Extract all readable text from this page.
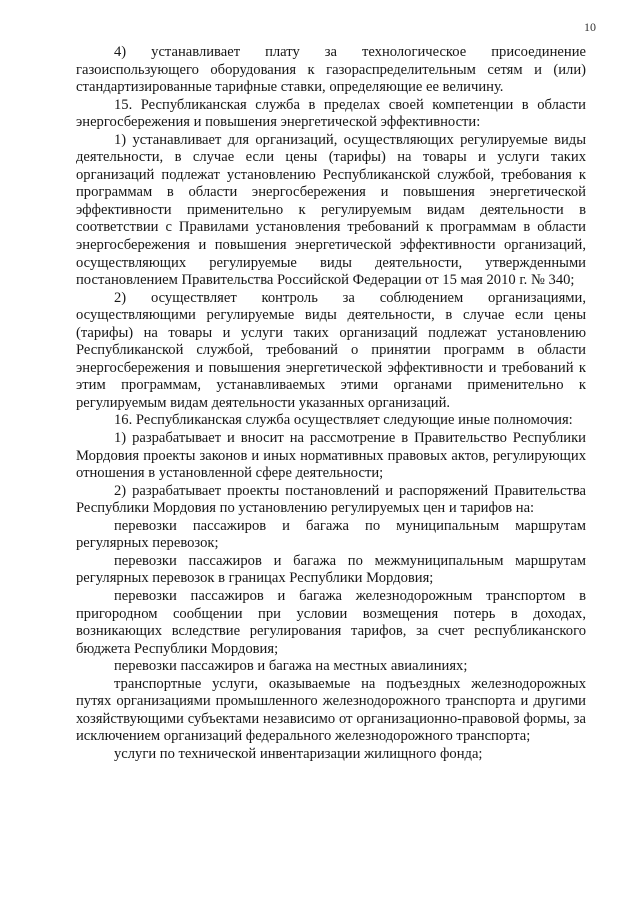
10

4) устанавливает плату за технологическое присоединение газоиспользующего оборудования к газораспределительным сетям и (или) стандартизированные тарифные ставки, определяющие ее величину.

15. Республиканская служба в пределах своей компетенции в области энергосбережения и повышения энергетической эффективности:

1) устанавливает для организаций, осуществляющих регулируемые виды деятельности, в случае если цены (тарифы) на товары и услуги таких организаций подлежат установлению Республиканской службой, требования к программам в области энергосбережения и повышения энергетической эффективности применительно к регулируемым видам деятельности в соответствии с Правилами установления требований к программам в области энергосбережения и повышения энергетической эффективности организаций, осуществляющих регулируемые виды деятельности, утвержденными постановлением Правительства Российской Федерации от 15 мая 2010 г. № 340;

2) осуществляет контроль за соблюдением организациями, осуществляющими регулируемые виды деятельности, в случае если цены (тарифы) на товары и услуги таких организаций подлежат установлению Республиканской службой, требований о принятии программ в области энергосбережения и повышения энергетической эффективности и требований к этим программам, устанавливаемых этими органами применительно к регулируемым видам деятельности указанных организаций.

16. Республиканская служба осуществляет следующие иные полномочия:

1) разрабатывает и вносит на рассмотрение в Правительство Республики Мордовия проекты законов и иных нормативных правовых актов, регулирующих отношения в установленной сфере деятельности;

2) разрабатывает проекты постановлений и распоряжений Правительства Республики Мордовия по установлению регулируемых цен и тарифов на:

перевозки пассажиров и багажа по муниципальным маршрутам регулярных перевозок;

перевозки пассажиров и багажа по межмуниципальным маршрутам регулярных перевозок в границах Республики Мордовия;

перевозки пассажиров и багажа железнодорожным транспортом в пригородном сообщении при условии возмещения потерь в доходах, возникающих вследствие регулирования тарифов, за счет республиканского бюджета Республики Мордовия;

перевозки пассажиров и багажа на местных авиалиниях;

транспортные услуги, оказываемые на подъездных железнодорожных путях организациями промышленного железнодорожного транспорта и другими хозяйствующими субъектами независимо от организационно-правовой формы, за исключением организаций федерального железнодорожного транспорта;

услуги по технической инвентаризации жилищного фонда;
